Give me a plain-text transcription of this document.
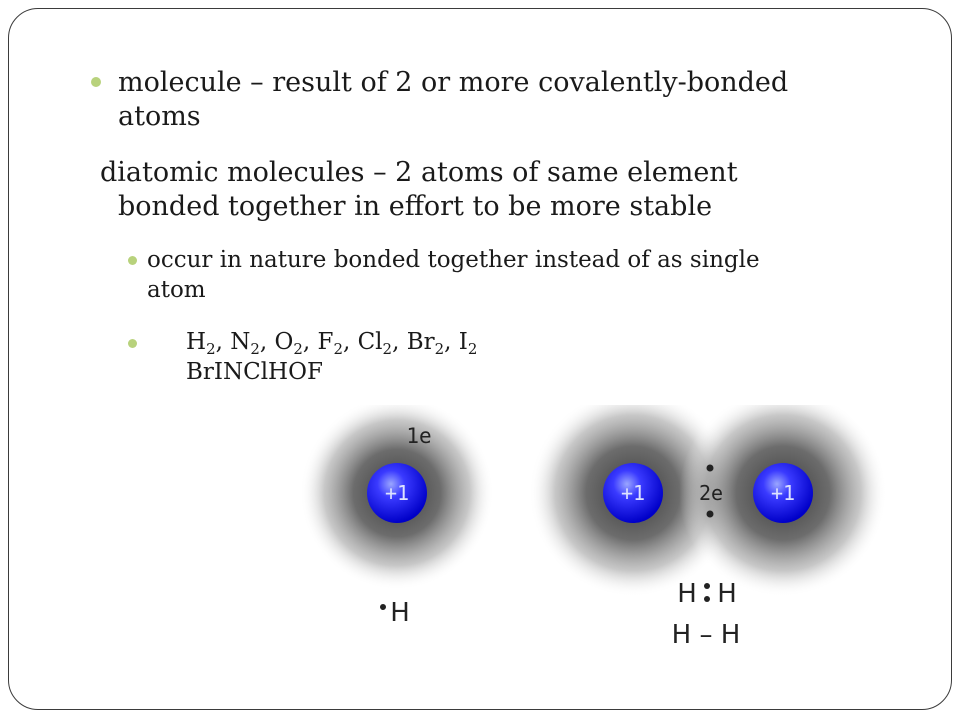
molecule – result of 2 or more covalently-bonded
atoms
diatomic molecules – 2 atoms of same element
bonded together in effort to be more stable
occur in nature bonded together instead of as single
atom
$H_2$, $N_2$, $O_2$, $F_2$, $Cl_2$, $Br_2$, $I_2$
BrINClHOF
1e
+1	+1	+1
2e
H
H H
H – H
